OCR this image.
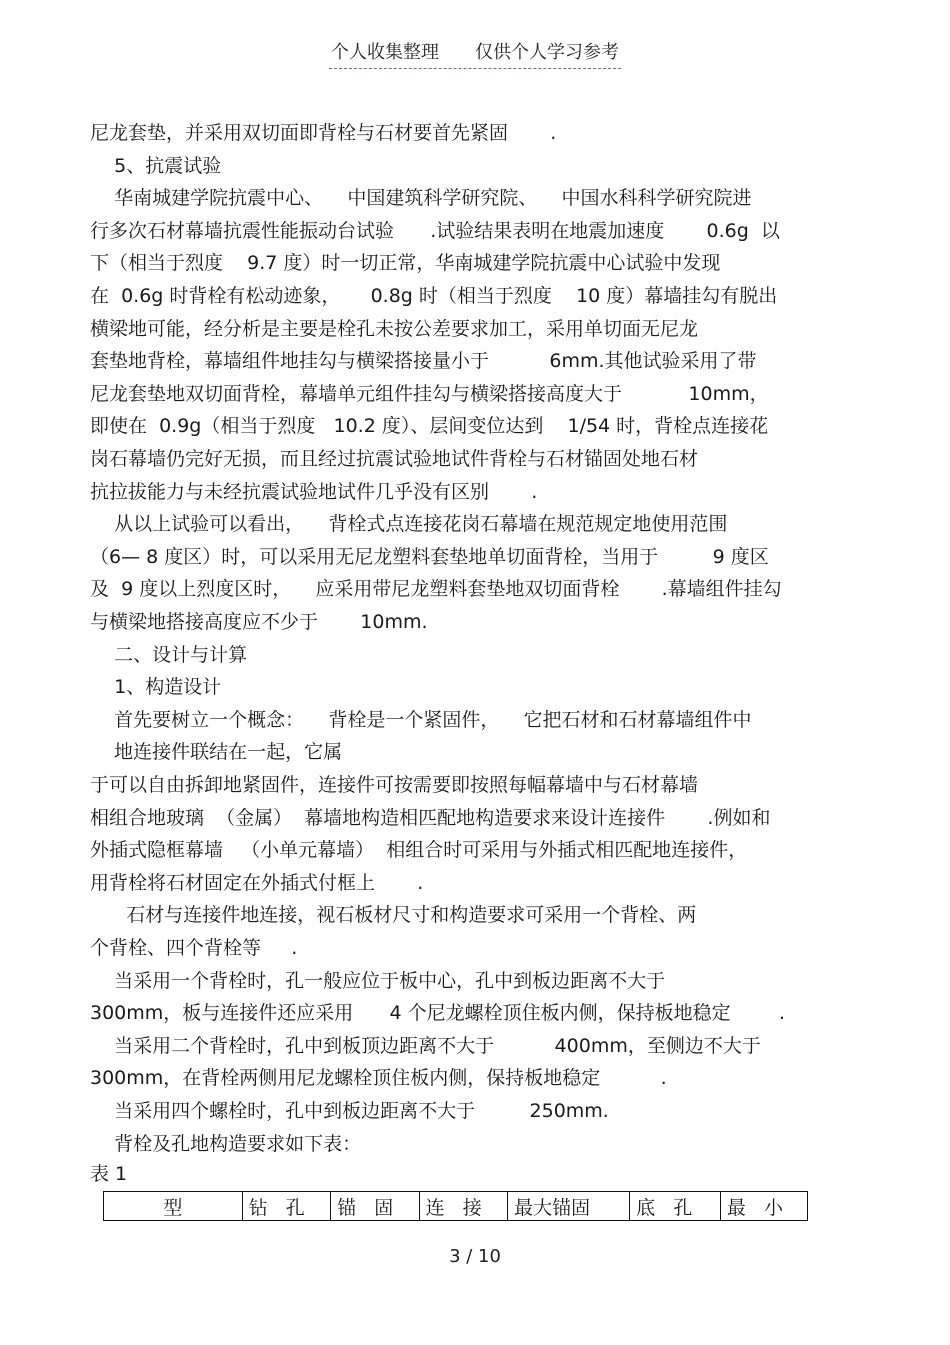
个人收集整理 仅供个人学习参考
尼龙套垫，并采用双切面即背栓与石材要首先紧固       .
5、抗震试验
华南城建学院抗震中心、    中国建筑科学研究院、    中国水科科学研究院进
行多次石材幕墙抗震性能振动台试验      .试验结果表明在地震加速度       0.6g  以
下（相当于烈度    9.7 度）时一切正常，华南城建学院抗震中心试验中发现
在  0.6g 时背栓有松动迹象，     0.8g 时（相当于烈度    10 度）幕墙挂勾有脱出
横梁地可能，经分析是主要是栓孔未按公差要求加工，采用单切面无尼龙
套垫地背栓，幕墙组件地挂勾与横梁搭接量小于          6mm.其他试验采用了带
尼龙套垫地双切面背栓，幕墙单元组件挂勾与横梁搭接高度大于           10mm，
即使在  0.9g（相当于烈度   10.2 度）、层间变位达到    1/54 时，背栓点连接花
岗石幕墙仍完好无损，而且经过抗震试验地试件背栓与石材锚固处地石材
抗拉拔能力与未经抗震试验地试件几乎没有区别       .
从以上试验可以看出，    背栓式点连接花岗石幕墙在规范规定地使用范围
（6— 8 度区）时，可以采用无尼龙塑料套垫地单切面背栓，当用于         9 度区
及  9 度以上烈度区时，    应采用带尼龙塑料套垫地双切面背栓       .幕墙组件挂勾
与横梁地搭接高度应不少于       10mm.
二、设计与计算
1、构造设计
首先要树立一个概念：    背栓是一个紧固件，    它把石材和石材幕墙组件中
地连接件联结在一起，它属
于可以自由拆卸地紧固件，连接件可按需要即按照每幅幕墙中与石材幕墙
相组合地玻璃  （金属）  幕墙地构造相匹配地构造要求来设计连接件       .例如和
外插式隐框幕墙   （小单元幕墙）  相组合时可采用与外插式相匹配地连接件，
用背栓将石材固定在外插式付框上       .
石材与连接件地连接，视石板材尺寸和构造要求可采用一个背栓、两
个背栓、四个背栓等     .
当采用一个背栓时，孔一般应位于板中心，孔中到板边距离不大于
300mm，板与连接件还应采用      4 个尼龙螺栓顶住板内侧，保持板地稳定        .
当采用二个背栓时，孔中到板顶边距离不大于          400mm，至侧边不大于
300mm，在背栓两侧用尼龙螺栓顶住板内侧，保持板地稳定          .
当采用四个螺栓时，孔中到板边距离不大于         250mm.
背栓及孔地构造要求如下表：
表 1
型	钻   孔	锚   固	连   接	最大锚固	底   孔	最   小
3 / 10
